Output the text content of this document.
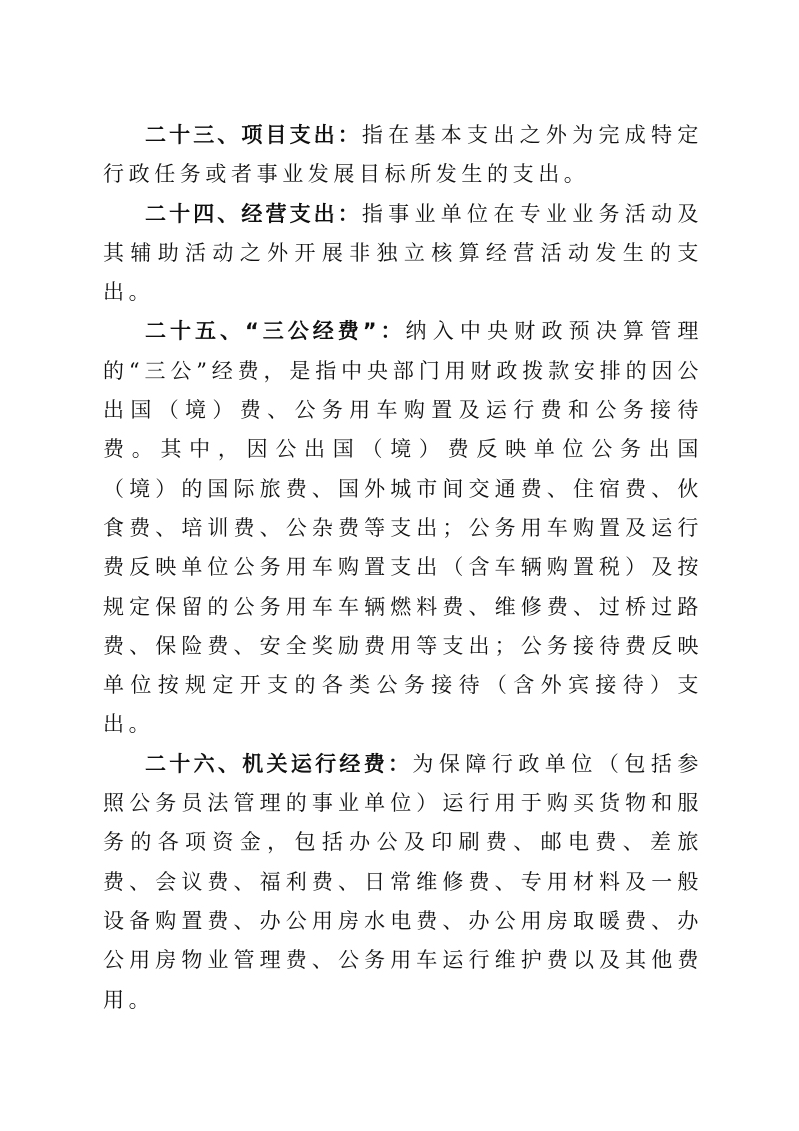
二十三、项目支出：指在基本支出之外为完成特定行政任务或者事业发展目标所发生的支出。

二十四、经营支出：指事业单位在专业业务活动及其辅助活动之外开展非独立核算经营活动发生的支出。

二十五、“三公经费”：纳入中央财政预决算管理的“三公”经费，是指中央部门用财政拨款安排的因公出国（境）费、公务用车购置及运行费和公务接待费。其中，因公出国（境）费反映单位公务出国（境）的国际旅费、国外城市间交通费、住宿费、伙食费、培训费、公杂费等支出；公务用车购置及运行费反映单位公务用车购置支出（含车辆购置税）及按规定保留的公务用车车辆燃料费、维修费、过桥过路费、保险费、安全奖励费用等支出；公务接待费反映单位按规定开支的各类公务接待（含外宾接待）支出。

二十六、机关运行经费：为保障行政单位（包括参照公务员法管理的事业单位）运行用于购买货物和服务的各项资金，包括办公及印刷费、邮电费、差旅费、会议费、福利费、日常维修费、专用材料及一般设备购置费、办公用房水电费、办公用房取暖费、办公用房物业管理费、公务用车运行维护费以及其他费用。
